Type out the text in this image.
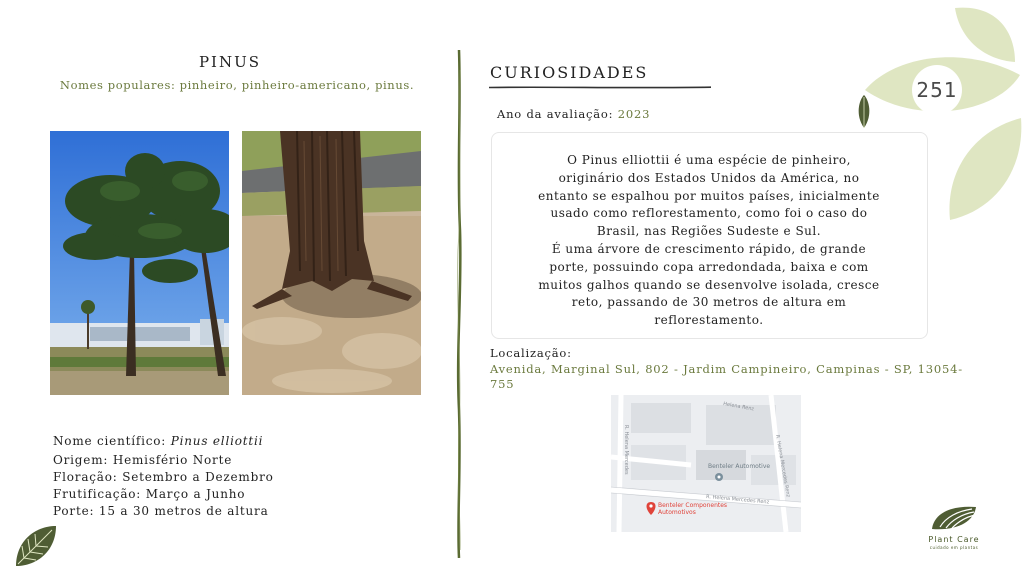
PINUS
Nomes populares: pinheiro, pinheiro-americano, pinus.
Nome científico: Pinus elliottii
Origem: Hemisfério Norte
Floração: Setembro a Dezembro
Frutificação: Março a Junho
Porte: 15 a 30 metros de altura
CURIOSIDADES
Ano da avaliação: 2023
O Pinus elliottii é uma espécie de pinheiro,
originário dos Estados Unidos da América, no
entanto se espalhou por muitos países, inicialmente
usado como reflorestamento, como foi o caso do
Brasil, nas Regiões Sudeste e Sul.
É uma árvore de crescimento rápido, de grande
porte, possuindo copa arredondada, baixa e com
muitos galhos quando se desenvolve isolada, cresce
reto, passando de 30 metros de altura em
reflorestamento.
Localização:
Avenida, Marginal Sul, 802 - Jardim Campineiro, Campinas - SP, 13054-755
Helena Renz
R. Helena Mercedes Renz
R. Helena Mercedes	R. Helena Mercedes Renz
Benteler Automotive
Benteler Componentes
Automotivos
251
Plant Care
cuidado em plantas
